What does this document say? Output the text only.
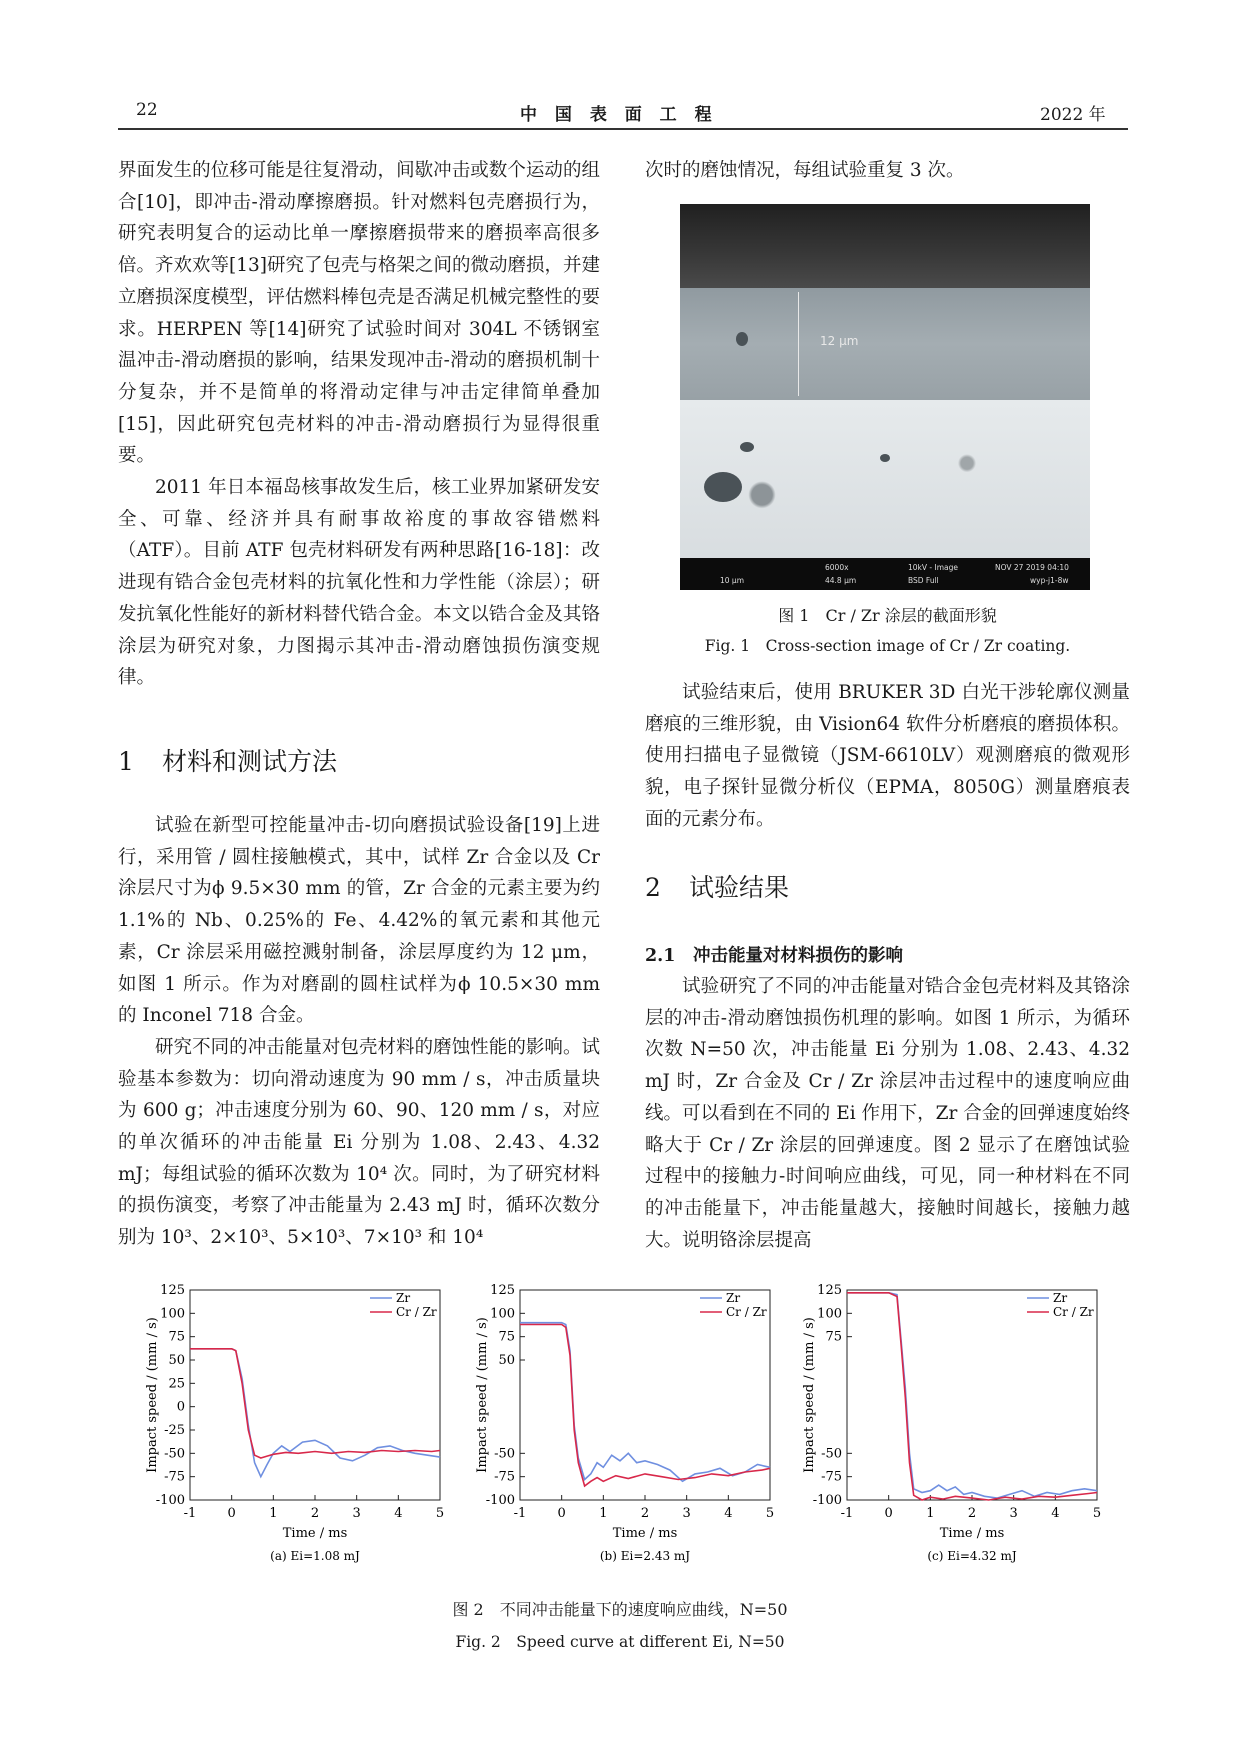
22	中 国 表 面 工 程	2022 年

界面发生的位移可能是往复滑动，间歇冲击或数个运动的组合[10]，即冲击-滑动摩擦磨损。针对燃料包壳磨损行为，研究表明复合的运动比单一摩擦磨损带来的磨损率高很多倍。齐欢欢等[13]研究了包壳与格架之间的微动磨损，并建立磨损深度模型，评估燃料棒包壳是否满足机械完整性的要求。HERPEN 等[14]研究了试验时间对 304L 不锈钢室温冲击-滑动磨损的影响，结果发现冲击-滑动的磨损机制十分复杂，并不是简单的将滑动定律与冲击定律简单叠加[15]，因此研究包壳材料的冲击-滑动磨损行为显得很重要。

2011 年日本福岛核事故发生后，核工业界加紧研发安全、可靠、经济并具有耐事故裕度的事故容错燃料（ATF）。目前 ATF 包壳材料研发有两种思路[16-18]：改进现有锆合金包壳材料的抗氧化性和力学性能（涂层）；研发抗氧化性能好的新材料替代锆合金。本文以锆合金及其铬涂层为研究对象，力图揭示其冲击-滑动磨蚀损伤演变规律。

1 材料和测试方法

试验在新型可控能量冲击-切向磨损试验设备[19]上进行，采用管 / 圆柱接触模式，其中，试样 Zr 合金以及 Cr 涂层尺寸为ϕ 9.5×30 mm 的管，Zr 合金的元素主要为约 1.1%的 Nb、0.25%的 Fe、4.42%的氧元素和其他元素，Cr 涂层采用磁控溅射制备，涂层厚度约为 12 μm，如图 1 所示。作为对磨副的圆柱试样为ϕ 10.5×30 mm 的 Inconel 718 合金。

研究不同的冲击能量对包壳材料的磨蚀性能的影响。试验基本参数为：切向滑动速度为 90 mm / s，冲击质量块为 600 g；冲击速度分别为 60、90、120 mm / s，对应的单次循环的冲击能量 Ei 分别为 1.08、2.43、4.32 mJ；每组试验的循环次数为 10⁴ 次。同时，为了研究材料的损伤演变，考察了冲击能量为 2.43 mJ 时，循环次数分别为 10³、2×10³、5×10³、7×10³ 和 10⁴

次时的磨蚀情况，每组试验重复 3 次。

12 μm
10 μm
6000x
44.8 μm
10kV - Image
BSD Full
NOV 27 2019 04:10
wyp-j1-8w
图 1　Cr / Zr 涂层的截面形貌
Fig. 1　Cross-section image of Cr / Zr coating.

试验结束后，使用 BRUKER 3D 白光干涉轮廓仪测量磨痕的三维形貌，由 Vision64 软件分析磨痕的磨损体积。使用扫描电子显微镜（JSM-6610LV）观测磨痕的微观形貌，电子探针显微分析仪（EPMA，8050G）测量磨痕表面的元素分布。

2 试验结果
2.1　冲击能量对材料损伤的影响

试验研究了不同的冲击能量对锆合金包壳材料及其铬涂层的冲击-滑动磨蚀损伤机理的影响。如图 1 所示，为循环次数 N=50 次，冲击能量 Ei 分别为 1.08、2.43、4.32 mJ 时，Zr 合金及 Cr / Zr 涂层冲击过程中的速度响应曲线。可以看到在不同的 Ei 作用下，Zr 合金的回弹速度始终略大于 Cr / Zr 涂层的回弹速度。图 2 显示了在磨蚀试验过程中的接触力-时间响应曲线，可见，同一种材料在不同的冲击能量下，冲击能量越大，接触时间越长，接触力越大。说明铬涂层提高

-1 0	1	2	3	4	5
-100
-75
-50
-25
0
25
50
75
100
125
Time / ms
Impact speed / (mm / s)
Zr
Cr / Zr
(a) Ei=1.08 mJ
-1 0	1	2	3	4	5
-100
-75
-50
50
75
100
125
Time / ms
Impact speed / (mm / s)
Zr
Cr / Zr
(b) Ei=2.43 mJ
-1 0	1	2	3	4	5
-100
-75
-50
75
100
125
Time / ms
Impact speed / (mm / s)
Zr
Cr / Zr
(c) Ei=4.32 mJ
图 2　不同冲击能量下的速度响应曲线，N=50
Fig. 2　Speed curve at different Ei, N=50
